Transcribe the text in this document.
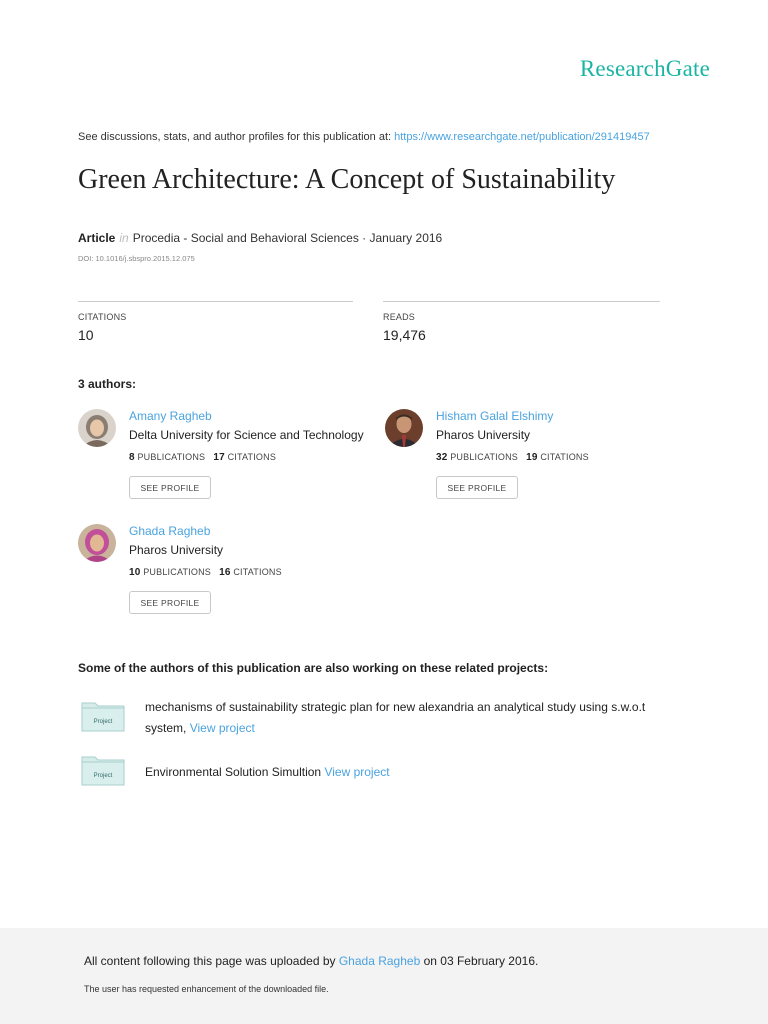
ResearchGate
See discussions, stats, and author profiles for this publication at: https://www.researchgate.net/publication/291419457
Green Architecture: A Concept of Sustainability
Article in Procedia - Social and Behavioral Sciences · January 2016
DOI: 10.1016/j.sbspro.2015.12.075
CITATIONS
10
READS
19,476
3 authors:
Amany Ragheb
Delta University for Science and Technology
8 PUBLICATIONS 17 CITATIONS
SEE PROFILE
Hisham Galal Elshimy
Pharos University
32 PUBLICATIONS 19 CITATIONS
SEE PROFILE
Ghada Ragheb
Pharos University
10 PUBLICATIONS 16 CITATIONS
SEE PROFILE
Some of the authors of this publication are also working on these related projects:
Project
mechanisms of sustainability strategic plan for new alexandria an analytical study using s.w.o.t system, View project
Project	Environmental Solution Simultion View project
All content following this page was uploaded by Ghada Ragheb on 03 February 2016.
The user has requested enhancement of the downloaded file.
